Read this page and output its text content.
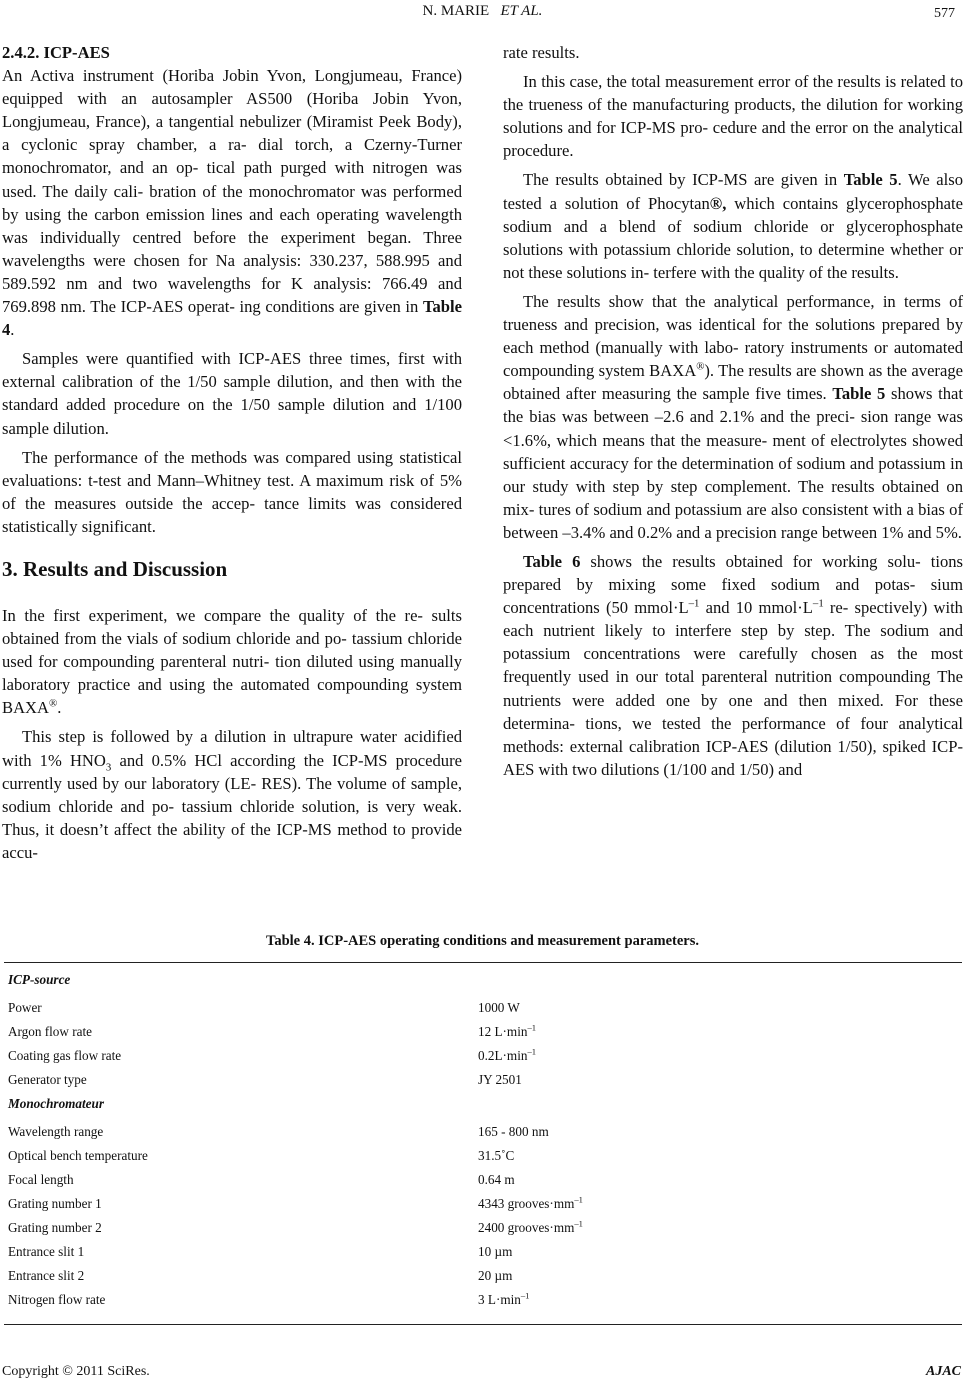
N. MARIE ET AL.	577
2.4.2. ICP-AES

An Activa instrument (Horiba Jobin Yvon, Longjumeau, France) equipped with an autosampler AS500 (Horiba Jobin Yvon, Longjumeau, France), a tangential nebulizer (Miramist Peek Body), a cyclonic spray chamber, a ra- dial torch, a Czerny-Turner monochromator, and an op- tical path purged with nitrogen was used. The daily cali- bration of the monochromator was performed by using the carbon emission lines and each operating wavelength was individually centred before the experiment began. Three wavelengths were chosen for Na analysis: 330.237, 588.995 and 589.592 nm and two wavelengths for K analysis: 766.49 and 769.898 nm. The ICP-AES operat- ing conditions are given in Table 4.

Samples were quantified with ICP-AES three times, first with external calibration of the 1/50 sample dilution, and then with the standard added procedure on the 1/50 sample dilution and 1/100 sample dilution.

The performance of the methods was compared using statistical evaluations: t-test and Mann–Whitney test. A maximum risk of 5% of the measures outside the accep- tance limits was considered statistically significant.

3. Results and Discussion

In the first experiment, we compare the quality of the re- sults obtained from the vials of sodium chloride and po- tassium chloride used for compounding parenteral nutri- tion diluted using manually laboratory practice and using the automated compounding system BAXA®.

This step is followed by a dilution in ultrapure water acidified with 1% $HNO_3$ and 0.5% HCl according the ICP-MS procedure currently used by our laboratory (LE- RES). The volume of sample, sodium chloride and po- tassium chloride solution, is very weak. Thus, it doesn’t affect the ability of the ICP-MS method to provide accu-

rate results.

In this case, the total measurement error of the results is related to the trueness of the manufacturing products, the dilution for working solutions and for ICP-MS pro- cedure and the error on the analytical procedure.

The results obtained by ICP-MS are given in Table 5. We also tested a solution of Phocytan®, which contains glycerophosphate sodium and a blend of sodium chloride or glycerophosphate solutions with potassium chloride solution, to determine whether or not these solutions in- terfere with the quality of the results.

The results show that the analytical performance, in terms of trueness and precision, was identical for the solutions prepared by each method (manually with labo- ratory instruments or automated compounding system BAXA®). The results are shown as the average obtained after measuring the sample five times. Table 5 shows that the bias was between –2.6 and 2.1% and the preci- sion range was <1.6%, which means that the measure- ment of electrolytes showed sufficient accuracy for the determination of sodium and potassium in our study with step by step complement. The results obtained on mix- tures of sodium and potassium are also consistent with a bias of between –3.4% and 0.2% and a precision range between 1% and 5%.

Table 6 shows the results obtained for working solu- tions prepared by mixing some fixed sodium and potas- sium concentrations (50 $mmol\cdot L^{-1}$ and 10 $mmol\cdot L^{-1}$ re- spectively) with each nutrient likely to interfere step by step. The sodium and potassium concentrations were carefully chosen as the most frequently used in our total parenteral nutrition compounding The nutrients were added one by one and then mixed. For these determina- tions, we tested the performance of four analytical methods: external calibration ICP-AES (dilution 1/50), spiked ICP-AES with two dilutions (1/100 and 1/50) and

Table 4. ICP-AES operating conditions and measurement parameters.
ICP-source
Power	1000 W
Argon flow rate	12 $L\cdot\min^{-1}$
Coating gas flow rate	$0.2L\cdot\min^{-1}$
Generator type	JY 2501
Monochromateur
Wavelength range	165 - 800 nm
Optical bench temperature	31.5˚C
Focal length	0.64 m
Grating number 1	4343 $grooves\cdot mm^{-1}$
Grating number 2	2400 $grooves\cdot mm^{-1}$
Entrance slit 1	10 µm
Entrance slit 2	20 µm
Nitrogen flow rate	3 $L\cdot\min^{-1}$
Copyright © 2011 SciRes.	AJAC
